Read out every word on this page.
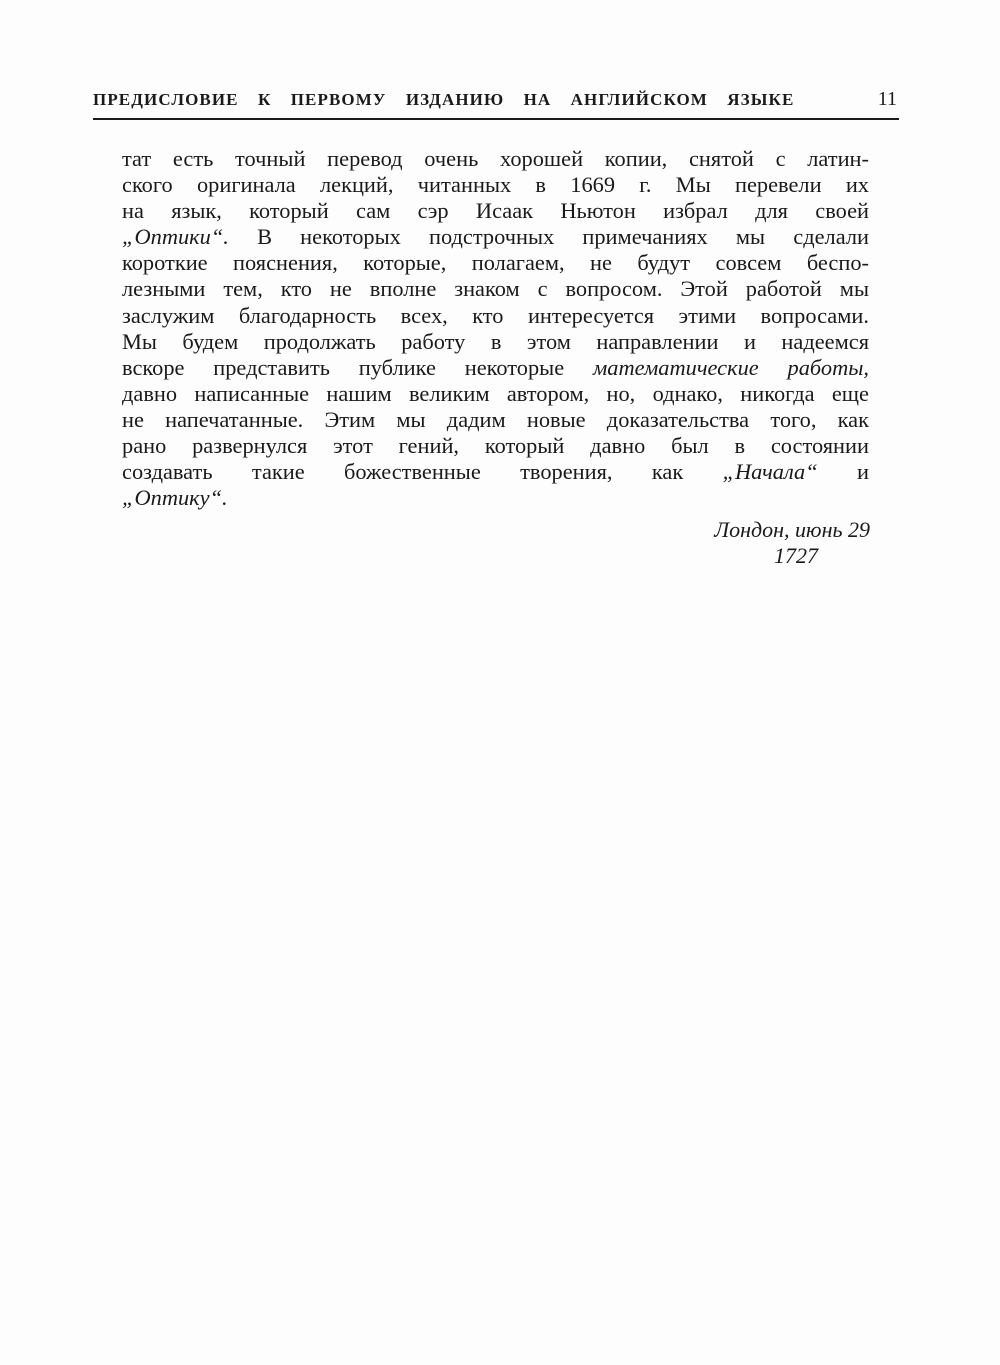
ПРЕДИСЛОВИЕ К ПЕРВОМУ ИЗДАНИЮ НА АНГЛИЙСКОМ ЯЗЫКЕ	11
тат есть точный перевод очень хорошей копии, снятой с латин-
ского оригинала лекций, читанных в 1669 г. Мы перевели их
на язык, который сам сэр Исаак Ньютон избрал для своей
„Оптики“. В некоторых подстрочных примечаниях мы сделали
короткие пояснения, которые, полагаем, не будут совсем беспо-
лезными тем, кто не вполне знаком с вопросом. Этой работой мы
заслужим благодарность всех, кто интересуется этими вопросами.
Мы будем продолжать работу в этом направлении и надеемся
вскоре представить публике некоторые математические работы,
давно написанные нашим великим автором, но, однако, никогда еще
не напечатанные. Этим мы дадим новые доказательства того, как
рано развернулся этот гений, который давно был в состоянии
создавать такие божественные творения, как „Начала“ и
„Оптику“.
Лондон, июнь 29
1727
